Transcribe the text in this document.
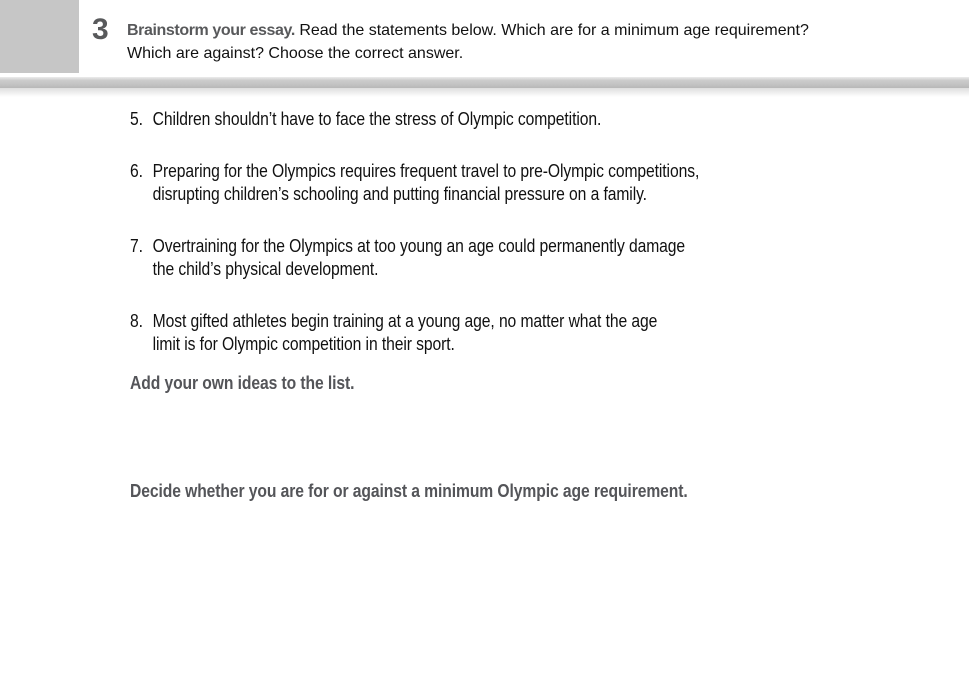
3 Brainstorm your essay. Read the statements below. Which are for a minimum age requirement?
Which are against? Choose the correct answer.
5. Children shouldn’t have to face the stress of Olympic competition.
6. Preparing for the Olympics requires frequent travel to pre-Olympic competitions,
disrupting children’s schooling and putting financial pressure on a family.
7. Overtraining for the Olympics at too young an age could permanently damage
the child’s physical development.
8. Most gifted athletes begin training at a young age, no matter what the age
limit is for Olympic competition in their sport.
Add your own ideas to the list.
Decide whether you are for or against a minimum Olympic age requirement.
